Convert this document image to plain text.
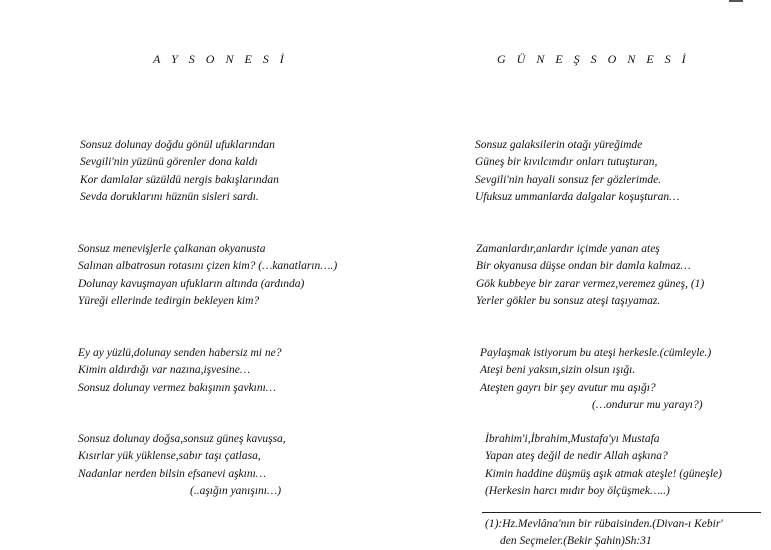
A Y S O N E S İ
Sonsuz dolunay doğdu gönül ufuklarından
Sevgili'nin yüzünü görenler dona kaldı
Kor damlalar süzüldü nergis bakışlarından
Sevda doruklarını hüznün sisleri sardı.
Sonsuz meneviş̧lerle çalkanan okyanusta
Salınan albatrosun rotasını çizen kim? (…kanatların….)
Dolunay kavuşmayan ufukların altında (ardında)
Yüreği ellerinde tedirgin bekleyen kim?
Ey ay yüzlü,dolunay senden habersiz mi ne?
Kimin aldırdığı var nazına,işvesine…
Sonsuz dolunay vermez bakışının şavkını…
Sonsuz dolunay doğsa,sonsuz güneş kavuşsa,
Kısırlar yük yüklense,sabır taşı çatlasa,
Nadanlar nerden bilsin efsanevi aşkını…
(..aşığın yanışını…)
G Ü N E Ş S O N E S İ
Sonsuz galaksilerin otağı yüreğimde
Güneş bir kıvılcımdır onları tutuşturan,
Sevgili'nin hayali sonsuz fer gözlerimde.
Ufuksuz ummanlarda dalgalar koşuşturan…
Zamanlardır,anlardır içimde yanan ateş
Bir okyanusa düşse ondan bir damla kalmaz…
Gök kubbeye bir zarar vermez,veremez güneş, (1)
Yerler gökler bu sonsuz ateşi taşıyamaz.
Paylaşmak istiyorum bu ateşi herkesle.(cümleyle.)
Ateşi beni yaksın,sizin olsun ışığı.
Ateşten gayrı bir şey avutur mu aşığı?
(…ondurur mu yarayı?)
İbrahim'i,İbrahim,Mustafa'yı Mustafa
Yapan ateş değil de nedir Allah aşkına?
Kimin haddine düşmüş aşık atmak ateşle! (güneşle)
(Herkesin harcı mıdır boy ölçüşmek…..)
(1):Hz.Mevlâna'nın bir rübaisinden.(Divan-ı Kebir'
den Seçmeler.(Bekir Şahin)Sh:31
